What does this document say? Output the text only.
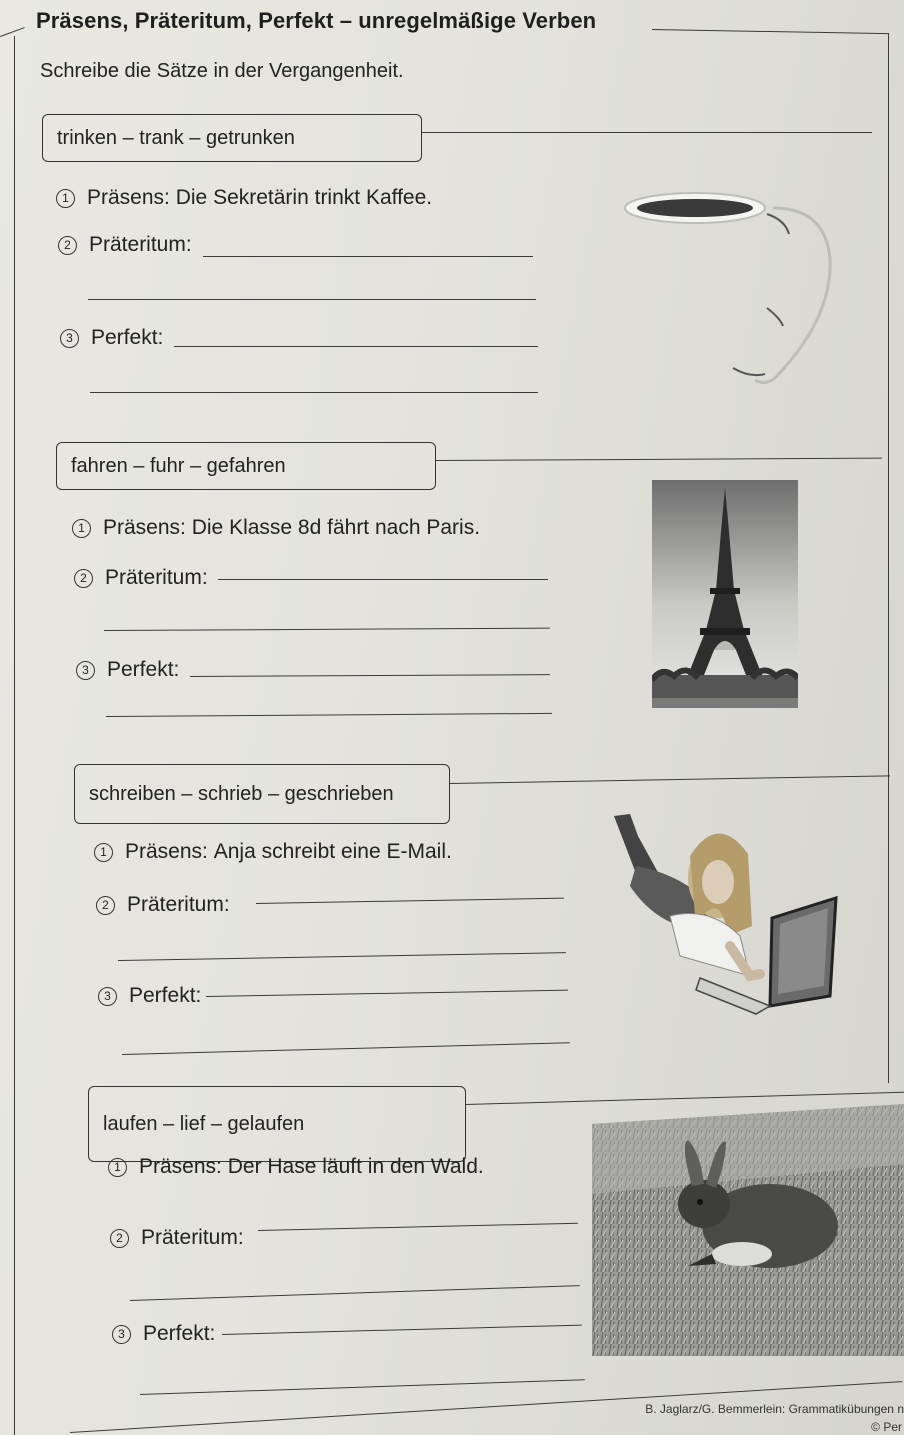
Präsens, Präteritum, Perfekt – unregelmäßige Verben
Schreibe die Sätze in der Vergangenheit.
trinken – trank – getrunken
1 Präsens:
Die Sekretärin trinkt Kaffee.
2 Präteritum:
3 Perfekt:
fahren – fuhr – gefahren
1 Präsens:
Die Klasse 8d fährt nach Paris.
2 Präteritum:
3 Perfekt:
schreiben – schrieb – geschrieben
1 Präsens:
Anja schreibt eine E-Mail.
2 Präteritum:
3 Perfekt:
laufen – lief – gelaufen
1 Präsens:
Der Hase läuft in den Wald.
2 Präteritum:
3 Perfekt:
B. Jaglarz/G. Bemmerlein: Grammatikübungen n
© Per
